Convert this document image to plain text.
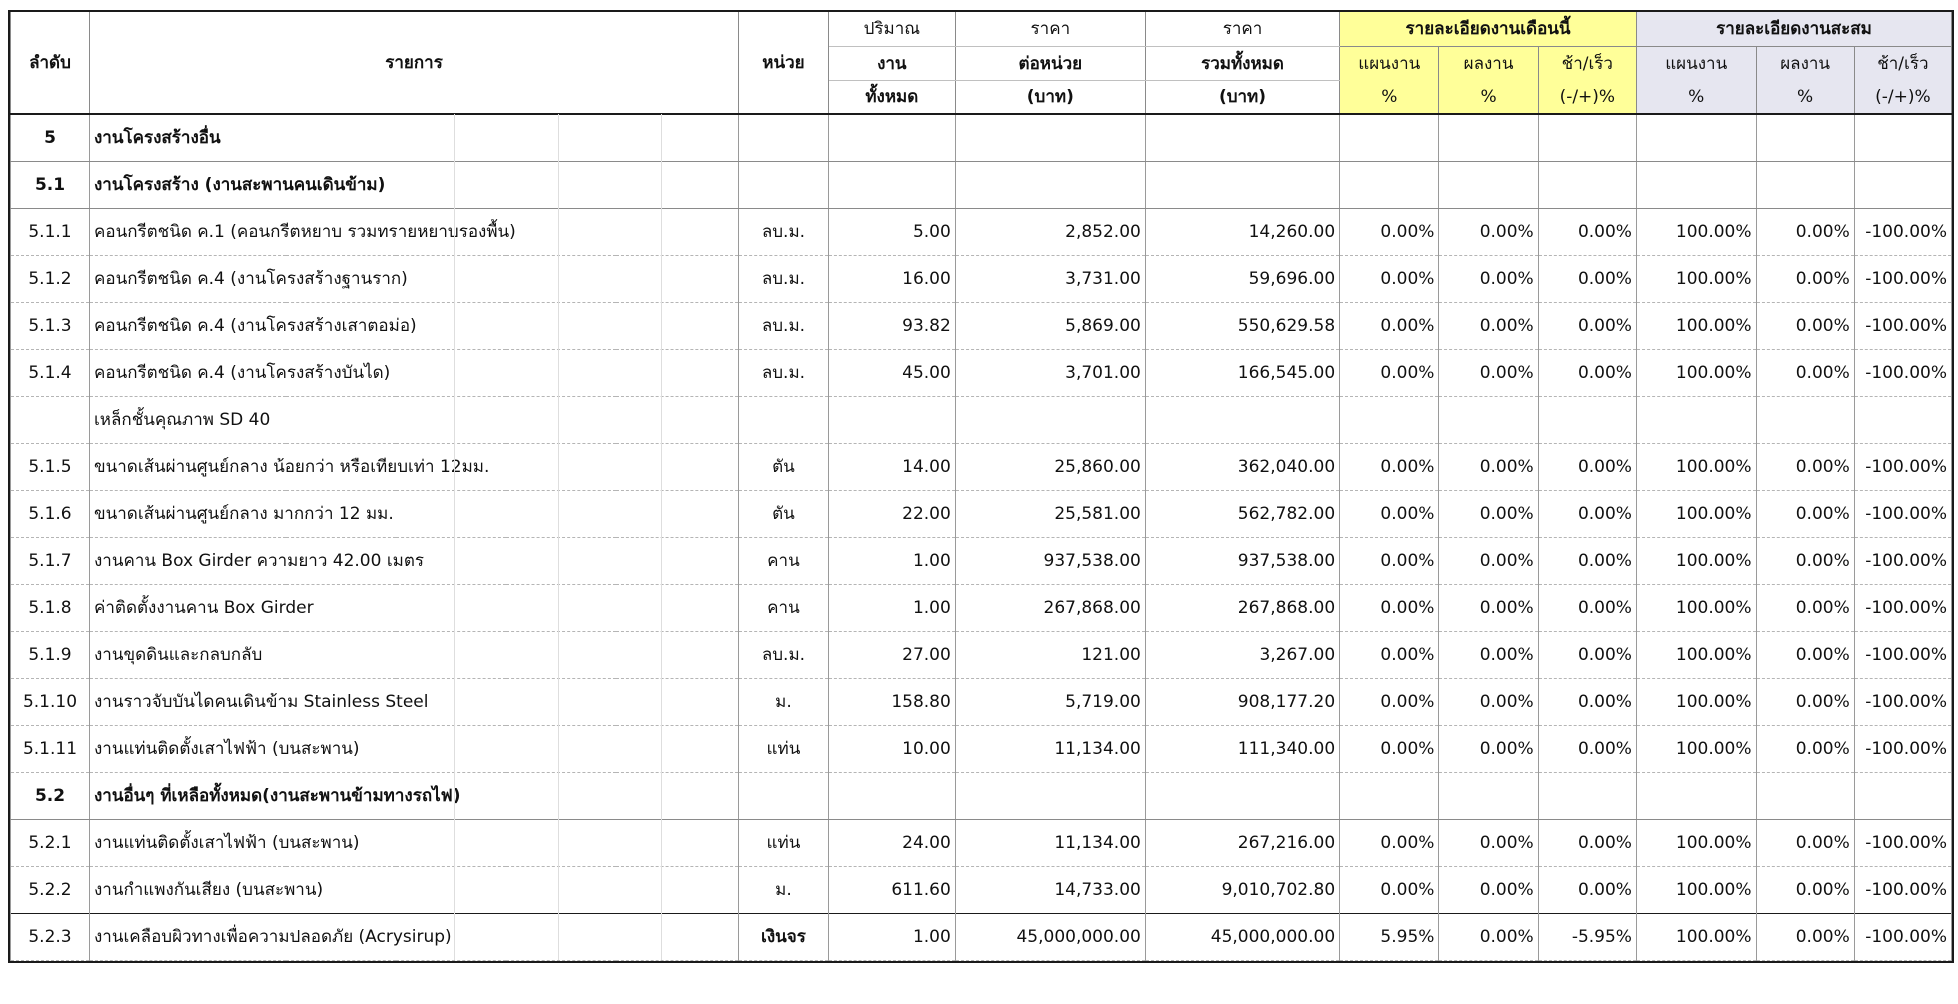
ลำดับ	รายการ	หน่วย	ปริมาณ	ราคา	ราคา	รายละเอียดงานเดือนนี้			รายละเอียดงานสะสม		
			งาน	ต่อหน่วย	รวมทั้งหมด	แผนงาน	ผลงาน	ช้า/เร็ว	แผนงาน	ผลงาน	ช้า/เร็ว
			ทั้งหมด	(บาท)	(บาท)	%	%	(-/+)%	%	%	(-/+)%
5	งานโครงสร้างอื่น										
5.1	งานโครงสร้าง (งานสะพานคนเดินข้าม)										
5.1.1	คอนกรีตชนิด ค.1 (คอนกรีตหยาบ รวมทรายหยาบรองพื้น)	ลบ.ม.	5.00	2,852.00	14,260.00	0.00%	0.00%	0.00%	100.00%	0.00%	-100.00%
5.1.2	คอนกรีตชนิด ค.4 (งานโครงสร้างฐานราก)	ลบ.ม.	16.00	3,731.00	59,696.00	0.00%	0.00%	0.00%	100.00%	0.00%	-100.00%
5.1.3	คอนกรีตชนิด ค.4 (งานโครงสร้างเสาตอม่อ)	ลบ.ม.	93.82	5,869.00	550,629.58	0.00%	0.00%	0.00%	100.00%	0.00%	-100.00%
5.1.4	คอนกรีตชนิด ค.4 (งานโครงสร้างบันได)	ลบ.ม.	45.00	3,701.00	166,545.00	0.00%	0.00%	0.00%	100.00%	0.00%	-100.00%
	เหล็กชั้นคุณภาพ SD 40										
5.1.5	ขนาดเส้นผ่านศูนย์กลาง น้อยกว่า หรือเทียบเท่า 12มม.	ตัน	14.00	25,860.00	362,040.00	0.00%	0.00%	0.00%	100.00%	0.00%	-100.00%
5.1.6	ขนาดเส้นผ่านศูนย์กลาง มากกว่า 12 มม.	ตัน	22.00	25,581.00	562,782.00	0.00%	0.00%	0.00%	100.00%	0.00%	-100.00%
5.1.7	งานคาน Box Girder ความยาว 42.00 เมตร	คาน	1.00	937,538.00	937,538.00	0.00%	0.00%	0.00%	100.00%	0.00%	-100.00%
5.1.8	ค่าติดตั้งงานคาน Box Girder	คาน	1.00	267,868.00	267,868.00	0.00%	0.00%	0.00%	100.00%	0.00%	-100.00%
5.1.9	งานขุดดินและกลบกลับ	ลบ.ม.	27.00	121.00	3,267.00	0.00%	0.00%	0.00%	100.00%	0.00%	-100.00%
5.1.10	งานราวจับบันไดคนเดินข้าม Stainless Steel	ม.	158.80	5,719.00	908,177.20	0.00%	0.00%	0.00%	100.00%	0.00%	-100.00%
5.1.11	งานแท่นติดตั้งเสาไฟฟ้า (บนสะพาน)	แท่น	10.00	11,134.00	111,340.00	0.00%	0.00%	0.00%	100.00%	0.00%	-100.00%
5.2	งานอื่นๆ ที่เหลือทั้งหมด(งานสะพานข้ามทางรถไฟ)										
5.2.1	งานแท่นติดตั้งเสาไฟฟ้า (บนสะพาน)	แท่น	24.00	11,134.00	267,216.00	0.00%	0.00%	0.00%	100.00%	0.00%	-100.00%
5.2.2	งานกำแพงกันเสียง (บนสะพาน)	ม.	611.60	14,733.00	9,010,702.80	0.00%	0.00%	0.00%	100.00%	0.00%	-100.00%
5.2.3	งานเคลือบผิวทางเพื่อความปลอดภัย (Acrysirup)	เงินจร	1.00	45,000,000.00	45,000,000.00	5.95%	0.00%	-5.95%	100.00%	0.00%	-100.00%
